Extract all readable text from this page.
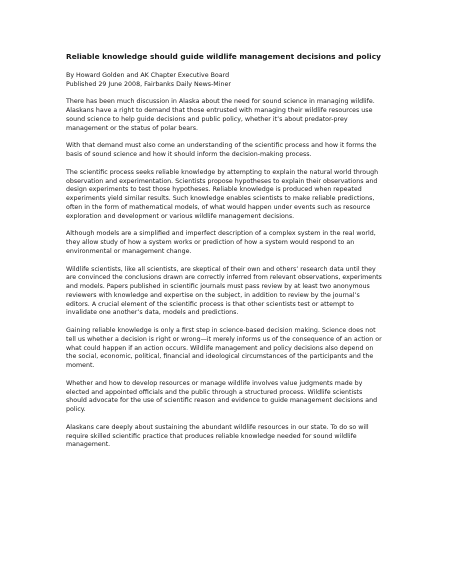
Reliable knowledge should guide wildlife management decisions and policy
By Howard Golden and AK Chapter Executive Board
Published 29 June 2008, Fairbanks Daily News-Miner

There has been much discussion in Alaska about the need for sound science in managing wildlife. Alaskans have a right to demand that those entrusted with managing their wildlife resources use sound science to help guide decisions and public policy, whether it’s about predator-prey management or the status of polar bears.

With that demand must also come an understanding of the scientific process and how it forms the basis of sound science and how it should inform the decision-making process.

The scientific process seeks reliable knowledge by attempting to explain the natural world through observation and experimentation. Scientists propose hypotheses to explain their observations and design experiments to test those hypotheses. Reliable knowledge is produced when repeated experiments yield similar results. Such knowledge enables scientists to make reliable predictions, often in the form of mathematical models, of what would happen under events such as resource exploration and development or various wildlife management decisions.

Although models are a simplified and imperfect description of a complex system in the real world, they allow study of how a system works or prediction of how a system would respond to an environmental or management change.

Wildlife scientists, like all scientists, are skeptical of their own and others’ research data until they are convinced the conclusions drawn are correctly inferred from relevant observations, experiments and models. Papers published in scientific journals must pass review by at least two anonymous reviewers with knowledge and expertise on the subject, in addition to review by the journal’s editors. A crucial element of the scientific process is that other scientists test or attempt to invalidate one another’s data, models and predictions.

Gaining reliable knowledge is only a first step in science-based decision making. Science does not tell us whether a decision is right or wrong—it merely informs us of the consequence of an action or what could happen if an action occurs. Wildlife management and policy decisions also depend on the social, economic, political, financial and ideological circumstances of the participants and the moment.

Whether and how to develop resources or manage wildlife involves value judgments made by elected and appointed officials and the public through a structured process. Wildlife scientists should advocate for the use of scientific reason and evidence to guide management decisions and policy.

Alaskans care deeply about sustaining the abundant wildlife resources in our state. To do so will require skilled scientific practice that produces reliable knowledge needed for sound wildlife management.
